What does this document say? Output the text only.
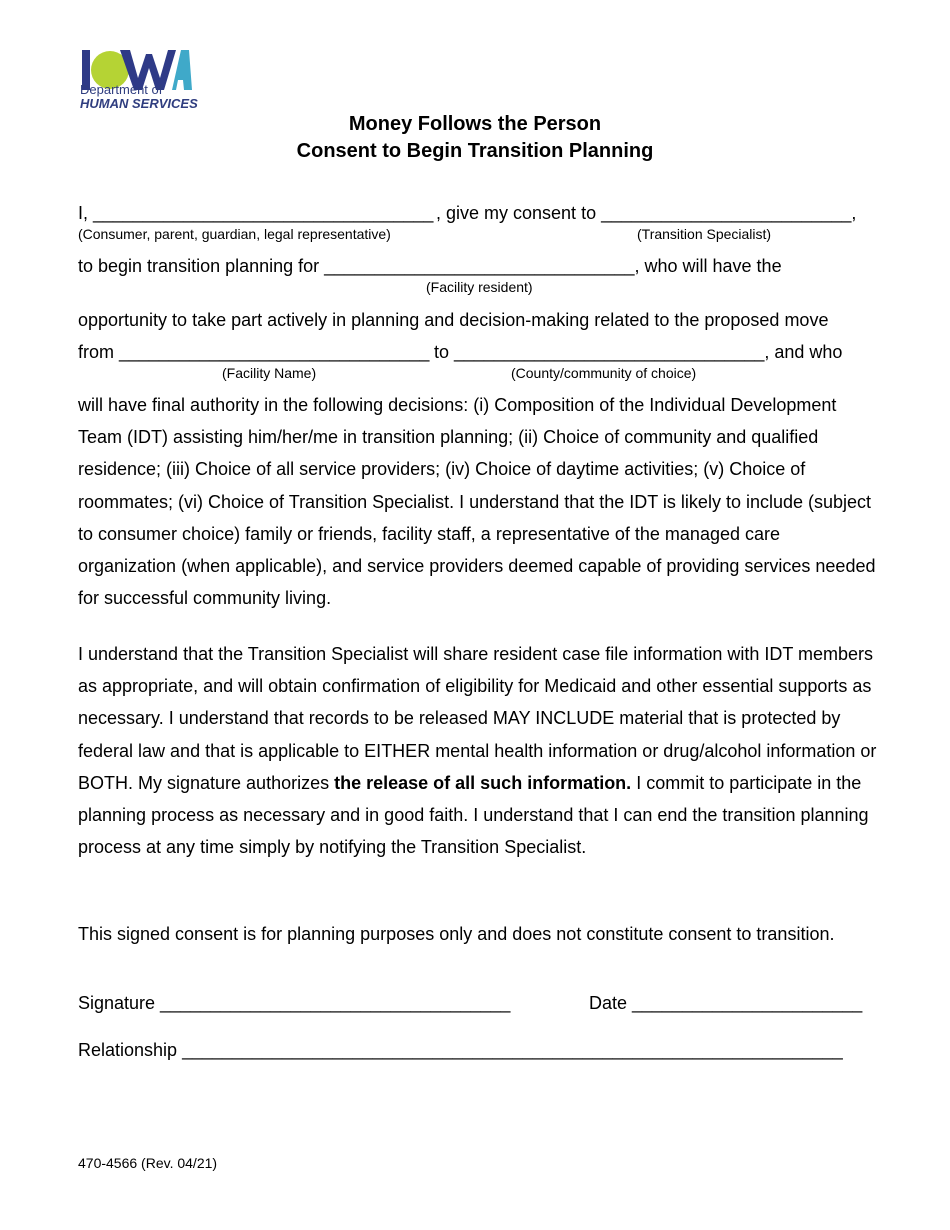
Department of
HUMAN SERVICES
Money Follows the Person
Consent to Begin Transition Planning
I, __________________________________ , give my consent to _________________________,
(Consumer, parent, guardian, legal representative)	(Transition Specialist)
to begin transition planning for _______________________________, who will have the
(Facility resident)
opportunity to take part actively in planning and decision-making related to the proposed move
from _______________________________ to _______________________________, and who
(Facility Name)	(County/community of choice)

will have final authority in the following decisions: (i) Composition of the Individual Development Team (IDT) assisting him/her/me in transition planning; (ii) Choice of community and qualified residence; (iii) Choice of all service providers; (iv) Choice of daytime activities; (v) Choice of roommates; (vi) Choice of Transition Specialist. I understand that the IDT is likely to include (subject to consumer choice) family or friends, facility staff, a representative of the managed care organization (when applicable), and service providers deemed capable of providing services needed for successful community living.

I understand that the Transition Specialist will share resident case file information with IDT members as appropriate, and will obtain confirmation of eligibility for Medicaid and other essential supports as necessary. I understand that records to be released MAY INCLUDE material that is protected by federal law and that is applicable to EITHER mental health information or drug/alcohol information or BOTH. My signature authorizes the release of all such information. I commit to participate in the planning process as necessary and in good faith. I understand that I can end the transition planning process at any time simply by notifying the Transition Specialist.

This signed consent is for planning purposes only and does not constitute consent to transition.

Signature ___________________________________	Date _______________________
Relationship __________________________________________________________________
470-4566 (Rev. 04/21)
